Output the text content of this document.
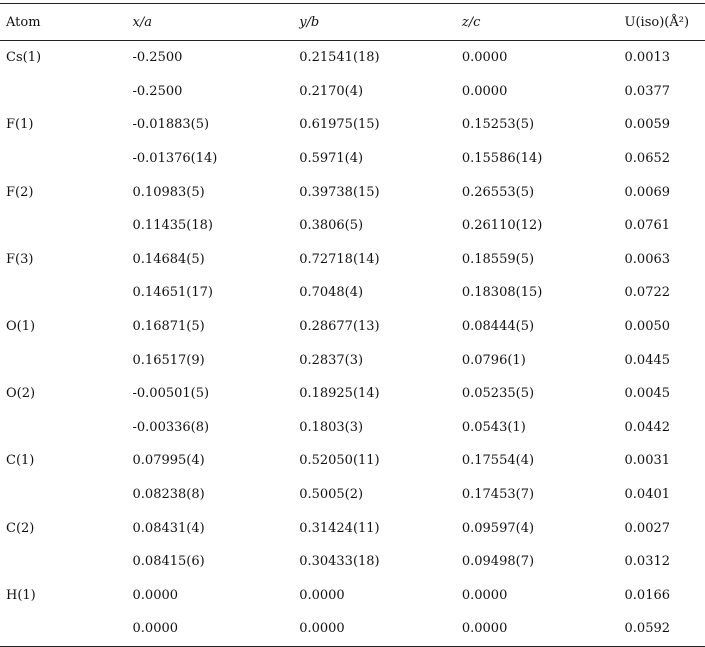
Atom	x/a	y/b	z/c	U(iso)(Å²)
Cs(1)	-0.2500	0.21541(18)	0.0000	0.0013
	-0.2500	0.2170(4)	0.0000	0.0377
F(1)	-0.01883(5)	0.61975(15)	0.15253(5)	0.0059
	-0.01376(14)	0.5971(4)	0.15586(14)	0.0652
F(2)	0.10983(5)	0.39738(15)	0.26553(5)	0.0069
	0.11435(18)	0.3806(5)	0.26110(12)	0.0761
F(3)	0.14684(5)	0.72718(14)	0.18559(5)	0.0063
	0.14651(17)	0.7048(4)	0.18308(15)	0.0722
O(1)	0.16871(5)	0.28677(13)	0.08444(5)	0.0050
	0.16517(9)	0.2837(3)	0.0796(1)	0.0445
O(2)	-0.00501(5)	0.18925(14)	0.05235(5)	0.0045
	-0.00336(8)	0.1803(3)	0.0543(1)	0.0442
C(1)	0.07995(4)	0.52050(11)	0.17554(4)	0.0031
	0.08238(8)	0.5005(2)	0.17453(7)	0.0401
C(2)	0.08431(4)	0.31424(11)	0.09597(4)	0.0027
	0.08415(6)	0.30433(18)	0.09498(7)	0.0312
H(1)	0.0000	0.0000	0.0000	0.0166
	0.0000	0.0000	0.0000	0.0592
